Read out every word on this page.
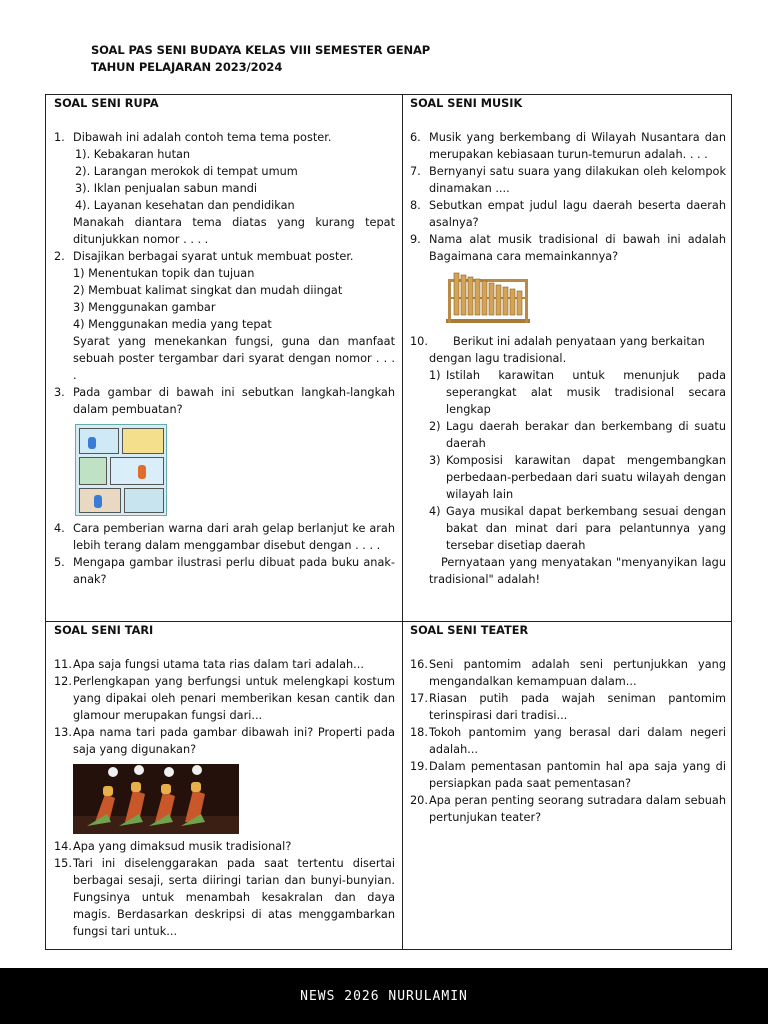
SOAL PAS SENI BUDAYA KELAS VIII SEMESTER GENAP
TAHUN PELAJARAN 2023/2024
SOAL SENI RUPA
1. Dibawah ini adalah contoh tema tema poster.
1). Kebakaran hutan
2). Larangan merokok di tempat umum
3). Iklan penjualan sabun mandi
4). Layanan kesehatan dan pendidikan
Manakah diantara tema diatas yang kurang tepat ditunjukkan nomor . . . .
2. Disajikan berbagai syarat untuk membuat poster.
1) Menentukan topik dan tujuan
2) Membuat kalimat singkat dan mudah diingat
3) Menggunakan gambar
4) Menggunakan media yang tepat
Syarat yang menekankan fungsi, guna dan manfaat sebuah poster tergambar dari syarat dengan nomor . . . .
3. Pada gambar di bawah ini sebutkan langkah-langkah dalam pembuatan?
4. Cara pemberian warna dari arah gelap berlanjut ke arah lebih terang dalam menggambar disebut dengan . . . .
5. Mengapa gambar ilustrasi perlu dibuat pada buku anak-anak?
SOAL SENI MUSIK
6. Musik yang berkembang di Wilayah Nusantara dan merupakan kebiasaan turun-temurun adalah. . . .
7. Bernyanyi satu suara yang dilakukan oleh kelompok dinamakan ....
8. Sebutkan empat judul lagu daerah beserta daerah asalnya?
9. Nama alat musik tradisional di bawah ini adalah Bagaimana cara memainkannya?
10.	Berikut ini adalah penyataan yang berkaitan
dengan lagu tradisional.
1) Istilah karawitan untuk menunjuk pada seperangkat alat musik tradisional secara lengkap
2) Lagu daerah berakar dan berkembang di suatu daerah
3) Komposisi karawitan dapat mengembangkan perbedaan-perbedaan dari suatu wilayah dengan wilayah lain
4) Gaya musikal dapat berkembang sesuai dengan bakat dan minat dari para pelantunnya yang tersebar disetiap daerah
Pernyataan yang menyatakan "menyanyikan lagu tradisional" adalah!
SOAL SENI TARI
11. Apa saja fungsi utama tata rias dalam tari adalah...
12. Perlengkapan yang berfungsi untuk melengkapi kostum yang dipakai oleh penari memberikan kesan cantik dan glamour merupakan fungsi dari...
13. Apa nama tari pada gambar dibawah ini? Properti pada saja yang digunakan?
14. Apa yang dimaksud musik tradisional?
15. Tari ini diselenggarakan pada saat tertentu disertai berbagai sesaji, serta diiringi tarian dan bunyi-bunyian. Fungsinya untuk menambah kesakralan dan daya magis. Berdasarkan deskripsi di atas menggambarkan fungsi tari untuk...
SOAL SENI TEATER
16. Seni pantomim adalah seni pertunjukkan yang mengandalkan kemampuan dalam...
17. Riasan putih pada wajah seniman pantomim terinspirasi dari tradisi...
18. Tokoh pantomim yang berasal dari dalam negeri adalah...
19. Dalam pementasan pantomin hal apa saja yang di persiapkan pada saat pementasan?
20. Apa peran penting seorang sutradara dalam sebuah pertunjukan teater?
NEWS 2026 NURULAMIN
